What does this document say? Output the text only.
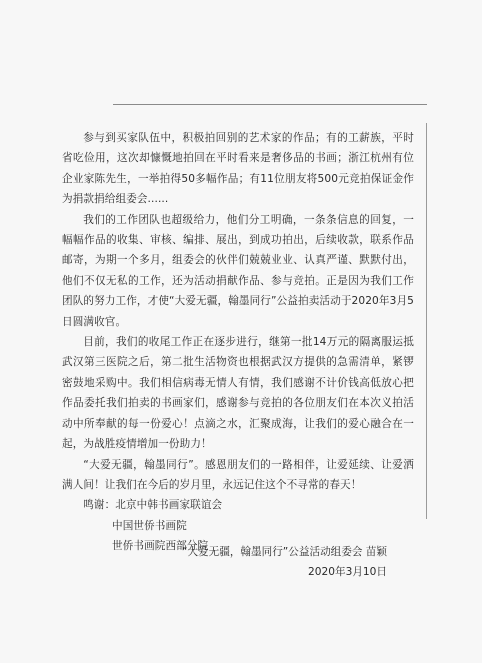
参与到买家队伍中，积极拍回别的艺术家的作品；有的工薪族，平时省吃俭用，这次却慷慨地拍回在平时看来是奢侈品的书画；浙江杭州有位企业家陈先生，一举拍得50多幅作品；有11位朋友将500元竞拍保证金作为捐款捐给组委会......

我们的工作团队也超级给力，他们分工明确，一条条信息的回复，一幅幅作品的收集、审核、编排、展出，到成功拍出，后续收款，联系作品邮寄，为期一个多月，组委会的伙伴们兢兢业业、认真严谨、默默付出，他们不仅无私的工作，还为活动捐献作品、参与竞拍。正是因为我们工作团队的努力工作，才使“大爱无疆，翰墨同行”公益拍卖活动于2020年3月5日圆满收官。

目前，我们的收尾工作正在逐步进行，继第一批14万元的隔离服运抵武汉第三医院之后，第二批生活物资也根据武汉方提供的急需清单，紧锣密鼓地采购中。我们相信病毒无情人有情，我们感谢不计价钱高低放心把作品委托我们拍卖的书画家们，感谢参与竞拍的各位朋友们在本次义拍活动中所奉献的每一份爱心！点滴之水，汇聚成海，让我们的爱心融合在一起，为战胜疫情增加一份助力！

“大爱无疆，翰墨同行”。感恩朋友们的一路相伴，让爱延续、让爱洒满人间！让我们在今后的岁月里，永远记住这个不寻常的春天！

鸣谢：北京中韩书画家联谊会
中国世侨书画院
世侨书画院西部分院
“大爱无疆，翰墨同行”公益活动组委会 苗颖
2020年3月10日
